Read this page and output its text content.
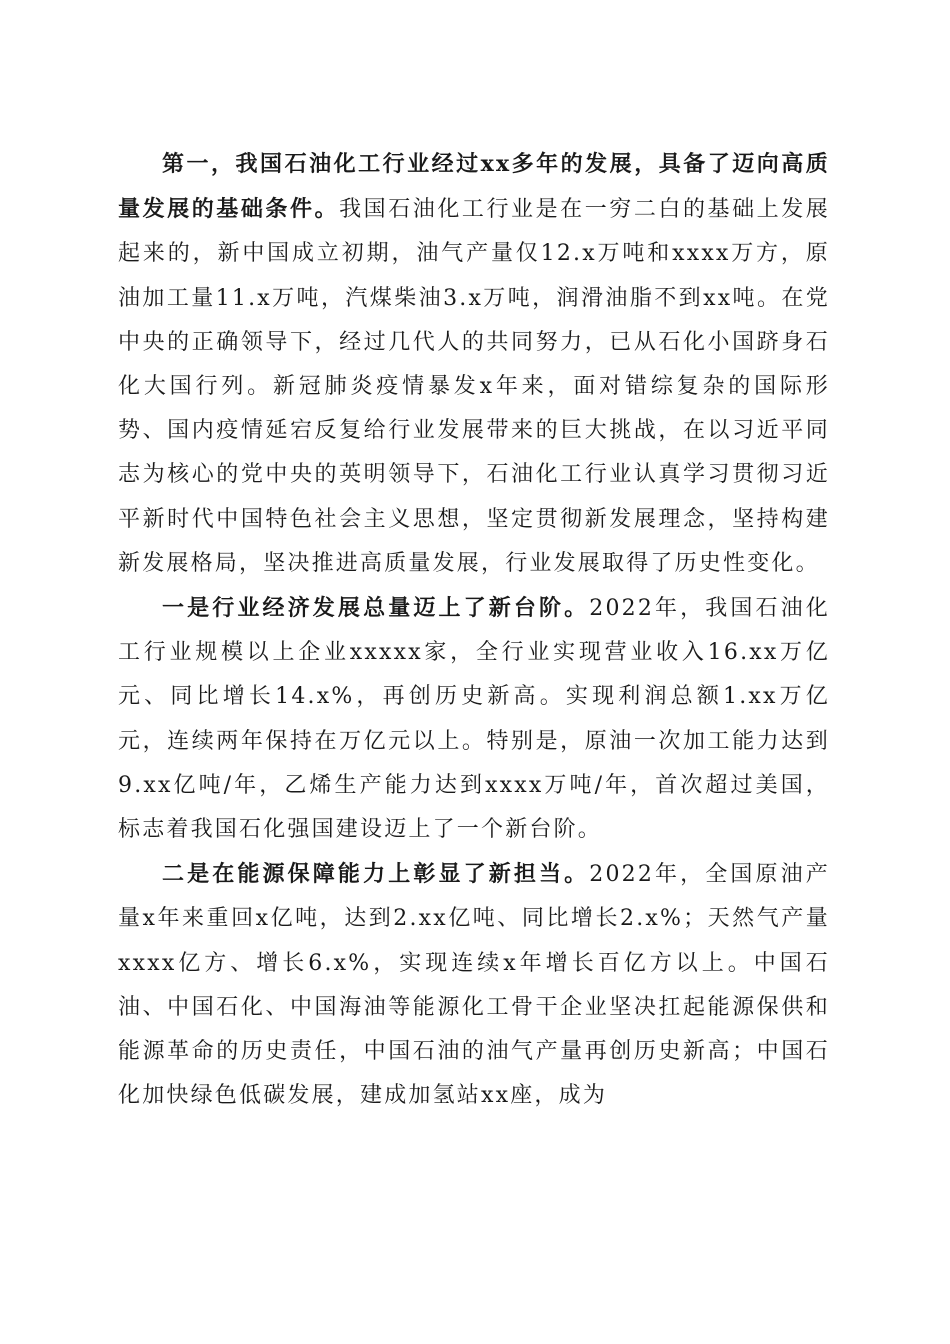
第一，我国石油化工行业经过xx多年的发展，具备了迈向高质量发展的基础条件。我国石油化工行业是在一穷二白的基础上发展起来的，新中国成立初期，油气产量仅12.x万吨和xxxx万方，原油加工量11.x万吨，汽煤柴油3.x万吨，润滑油脂不到xx吨。在党中央的正确领导下，经过几代人的共同努力，已从石化小国跻身石化大国行列。新冠肺炎疫情暴发x年来，面对错综复杂的国际形势、国内疫情延宕反复给行业发展带来的巨大挑战，在以习近平同志为核心的党中央的英明领导下，石油化工行业认真学习贯彻习近平新时代中国特色社会主义思想，坚定贯彻新发展理念，坚持构建新发展格局，坚决推进高质量发展，行业发展取得了历史性变化。

一是行业经济发展总量迈上了新台阶。2022年，我国石油化工行业规模以上企业xxxxx家，全行业实现营业收入16.xx万亿元、同比增长14.x%，再创历史新高。实现利润总额1.xx万亿元，连续两年保持在万亿元以上。特别是，原油一次加工能力达到9.xx亿吨/年，乙烯生产能力达到xxxx万吨/年，首次超过美国，标志着我国石化强国建设迈上了一个新台阶。

二是在能源保障能力上彰显了新担当。2022年，全国原油产量x年来重回x亿吨，达到2.xx亿吨、同比增长2.x%；天然气产量xxxx亿方、增长6.x%，实现连续x年增长百亿方以上。中国石油、中国石化、中国海油等能源化工骨干企业坚决扛起能源保供和能源革命的历史责任，中国石油的油气产量再创历史新高；中国石化加快绿色低碳发展，建成加氢站xx座，成为
